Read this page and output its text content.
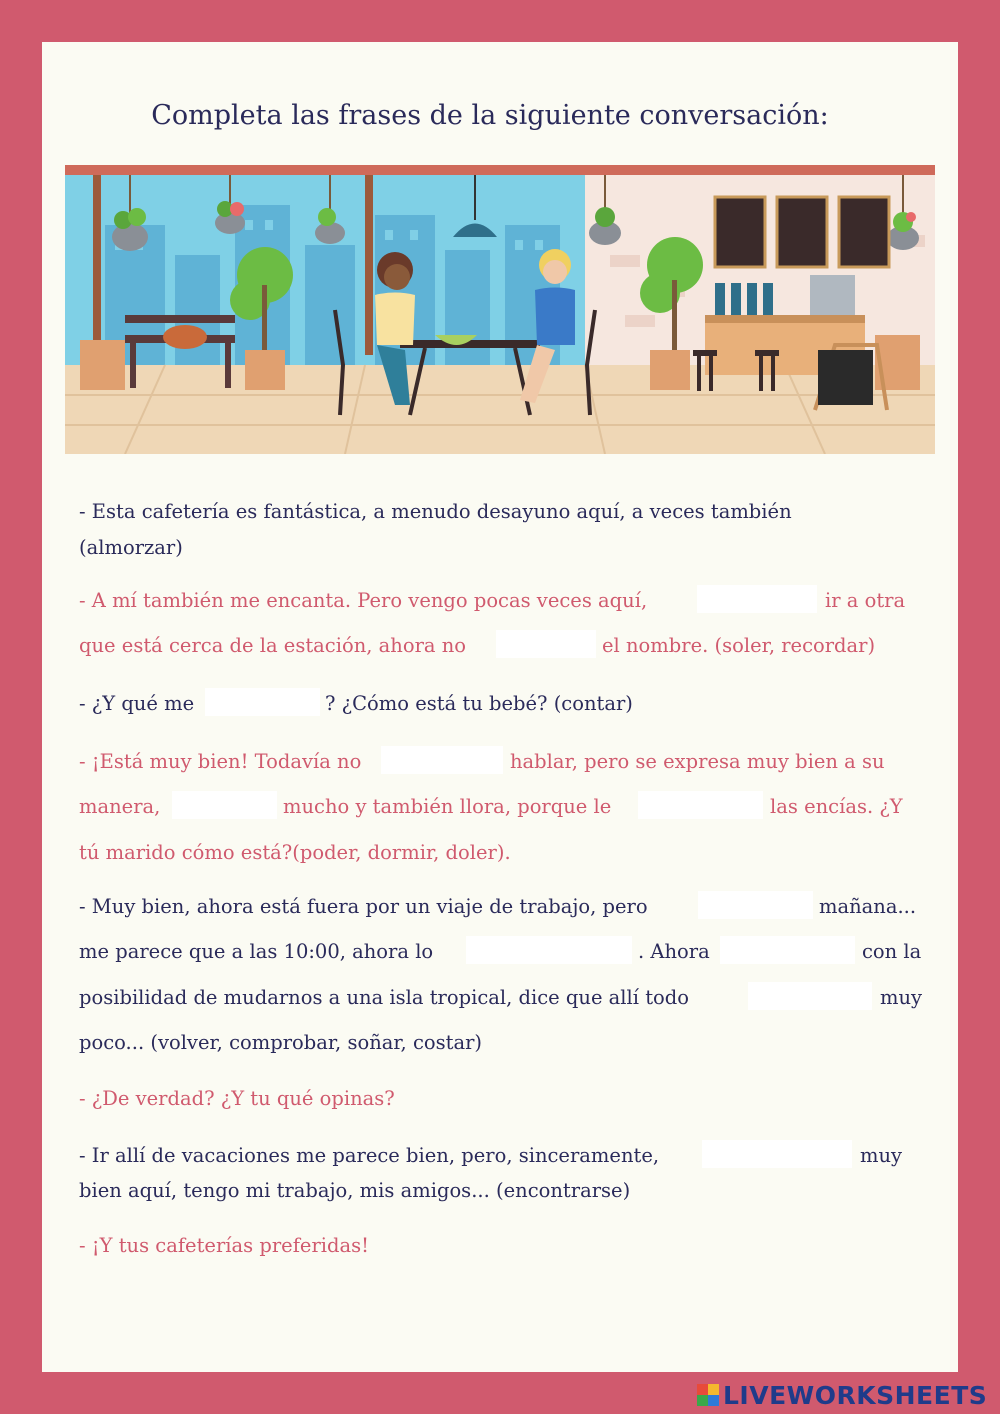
Completa las frases de la siguiente conversación:
- Esta cafetería es fantástica, a menudo desayuno aquí, a veces también
(almorzar)
- A mí también me encanta. Pero vengo pocas veces aquí,	ir a otra
que está cerca de la estación, ahora no	el nombre. (soler, recordar)
- ¿Y qué me	? ¿Cómo está tu bebé? (contar)
- ¡Está muy bien! Todavía no	hablar, pero se expresa muy bien a su
manera,	mucho y también llora, porque le	las encías. ¿Y
tú marido cómo está?(poder, dormir, doler).
- Muy bien, ahora está fuera por un viaje de trabajo, pero	mañana...
me parece que a las 10:00, ahora lo	. Ahora	con la
posibilidad de mudarnos a una isla tropical, dice que allí todo	muy
poco... (volver, comprobar, soñar, costar)
- ¿De verdad? ¿Y tu qué opinas?
- Ir allí de vacaciones me parece bien, pero, sinceramente,	muy
bien aquí, tengo mi trabajo, mis amigos... (encontrarse)
- ¡Y tus cafeterías preferidas!
LIVEWORKSHEETS
